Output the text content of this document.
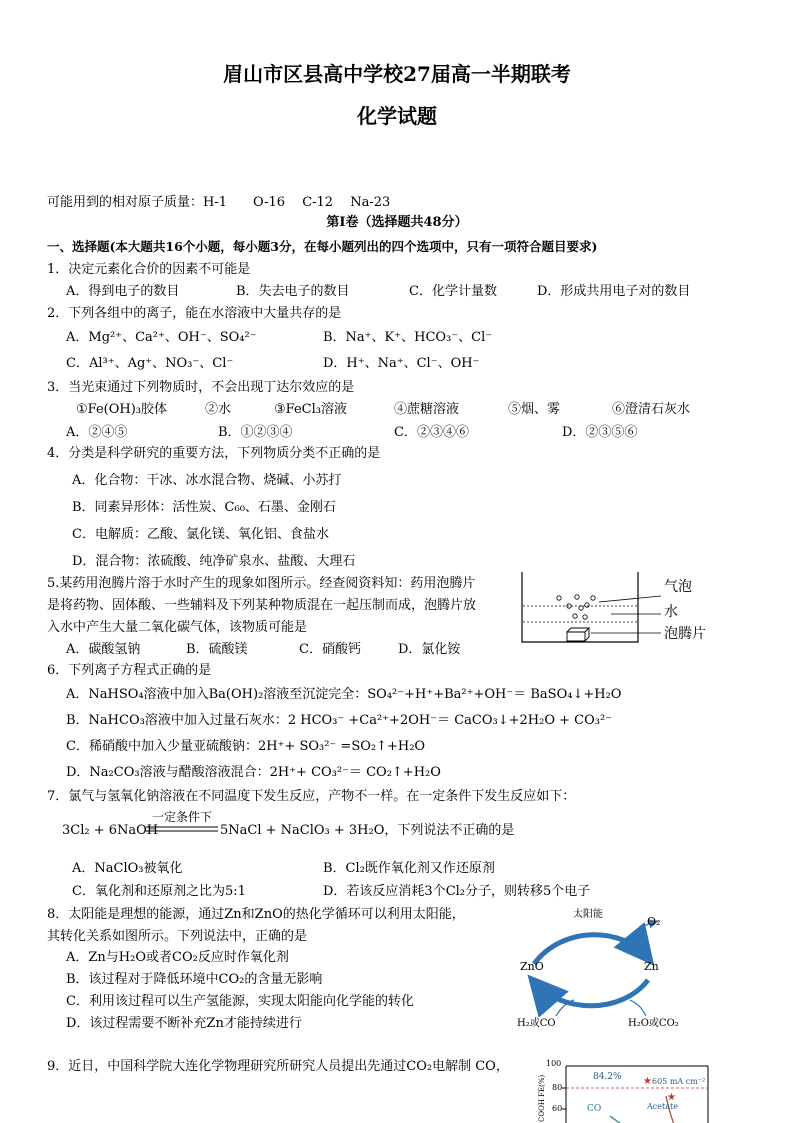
眉山市区县高中学校27届高一半期联考
化学试题
可能用到的相对原子质量：H-1　　O-16　 C-12　 Na-23
第Ⅰ卷（选择题共48分）
一、选择题(本大题共16个小题，每小题3分，在每小题列出的四个选项中，只有一项符合题目要求)
1．决定元素化合价的因素不可能是
A．得到电子的数目	B．失去电子的数目	C．化学计量数	D．形成共用电子对的数目
2．下列各组中的离子，能在水溶液中大量共存的是
A．Mg²⁺、Ca²⁺、OH⁻、SO₄²⁻	B．Na⁺、K⁺、HCO₃⁻、Cl⁻
C．Al³⁺、Ag⁺、NO₃⁻、Cl⁻	D．H⁺、Na⁺、Cl⁻、OH⁻
3．当光束通过下列物质时，不会出现丁达尔效应的是
①Fe(OH)₃胶体	②水	③FeCl₃溶液	④蔗糖溶液	⑤烟、雾	⑥澄清石灰水
A．②④⑤	B．①②③④	C．②③④⑥	D．②③⑤⑥
4．分类是科学研究的重要方法，下列物质分类不正确的是
A．化合物：干冰、冰水混合物、烧碱、小苏打
B．同素异形体：活性炭、C₆₀、石墨、金刚石
C．电解质：乙酸、氯化镁、氧化铝、食盐水
D．混合物：浓硫酸、纯净矿泉水、盐酸、大理石
5.某药用泡腾片溶于水时产生的现象如图所示。经查阅资料知：药用泡腾片
是将药物、固体酸、一些辅料及下列某种物质混在一起压制而成，泡腾片放
入水中产生大量二氧化碳气体，该物质可能是
A．碳酸氢钠	B．硫酸镁	C．硝酸钙	D．氯化铵
气泡
水
泡腾片
6．下列离子方程式正确的是
A．NaHSO₄溶液中加入Ba(OH)₂溶液至沉淀完全：SO₄²⁻+H⁺+Ba²⁺+OH⁻＝ BaSO₄↓+H₂O
B．NaHCO₃溶液中加入过量石灰水：2 HCO₃⁻ +Ca²⁺+2OH⁻＝ CaCO₃↓+2H₂O + CO₃²⁻
C．稀硝酸中加入少量亚硫酸钠：2H⁺+ SO₃²⁻ =SO₂↑+H₂O
D．Na₂CO₃溶液与醋酸溶液混合：2H⁺+ CO₃²⁻＝ CO₂↑+H₂O
7．氯气与氢氧化钠溶液在不同温度下发生反应，产物不一样。在一定条件下发生反应如下：
3Cl₂ + 6NaOH
一定条件下
5NaCl + NaClO₃ + 3H₂O，下列说法不正确的是
A．NaClO₃被氧化	B．Cl₂既作氧化剂又作还原剂
C．氧化剂和还原剂之比为5:1	D．若该反应消耗3个Cl₂分子，则转移5个电子
8．太阳能是理想的能源，通过Zn和ZnO的热化学循环可以利用太阳能，
其转化关系如图所示。下列说法中，正确的是
A．Zn与H₂O或者CO₂反应时作氧化剂
B．该过程对于降低环境中CO₂的含量无影响
C．利用该过程可以生产氢能源，实现太阳能向化学能的转化
D．该过程需要不断补充Zn才能持续进行
太阳能
O₂
ZnO	Zn
H₂或CO	H₂O或CO₂
9．近日，中国科学院大连化学物理研究所研究人员提出先通过CO₂电解制 CO，
★
★
COOH FE(%)
100
80
60
84.2%	605 mA cm⁻²
Acetate
CO
